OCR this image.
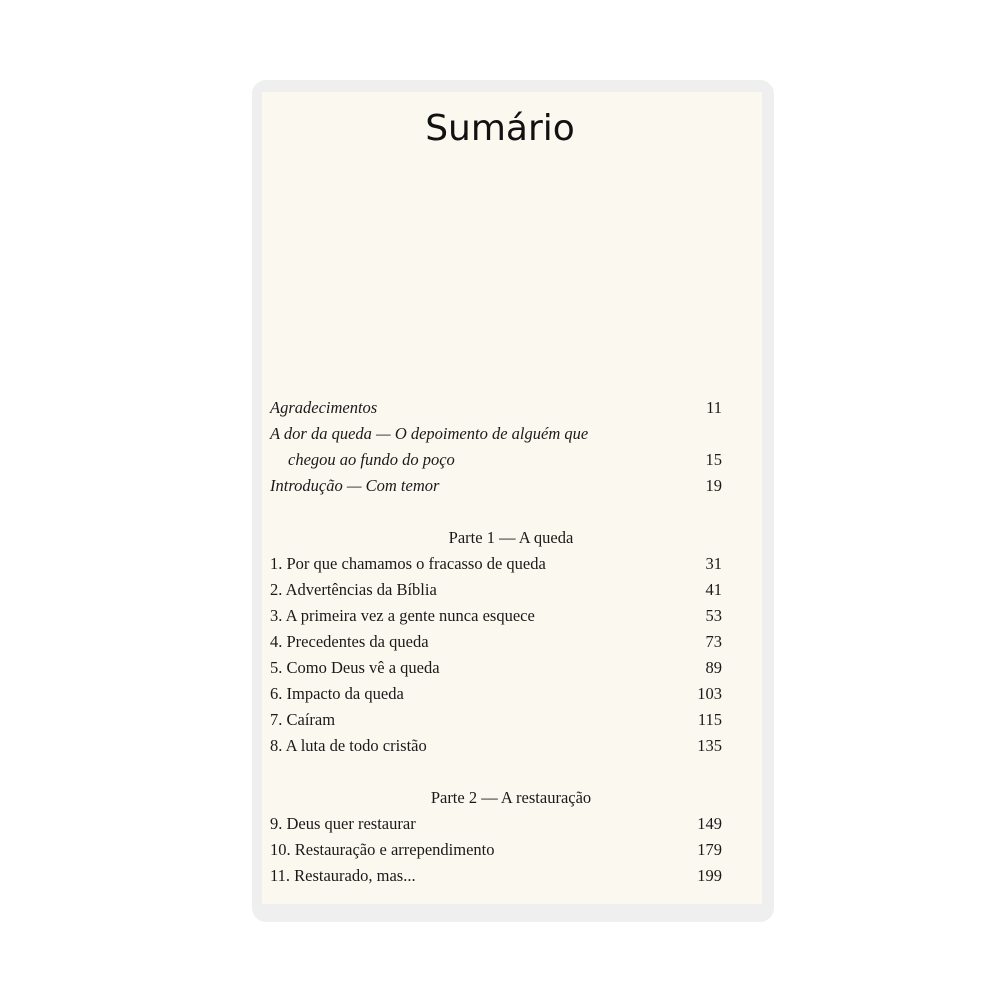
Sumário
Agradecimentos	11
A dor da queda — O depoimento de alguém que
chegou ao fundo do poço	15
Introdução — Com temor	19
Parte 1 — A queda
1. Por que chamamos o fracasso de queda	31
2. Advertências da Bíblia	41
3. A primeira vez a gente nunca esquece	53
4. Precedentes da queda	73
5. Como Deus vê a queda	89
6. Impacto da queda	103
7. Caíram	115
8. A luta de todo cristão	135
Parte 2 — A restauração
9. Deus quer restaurar	149
10. Restauração e arrependimento	179
11. Restaurado, mas...	199
